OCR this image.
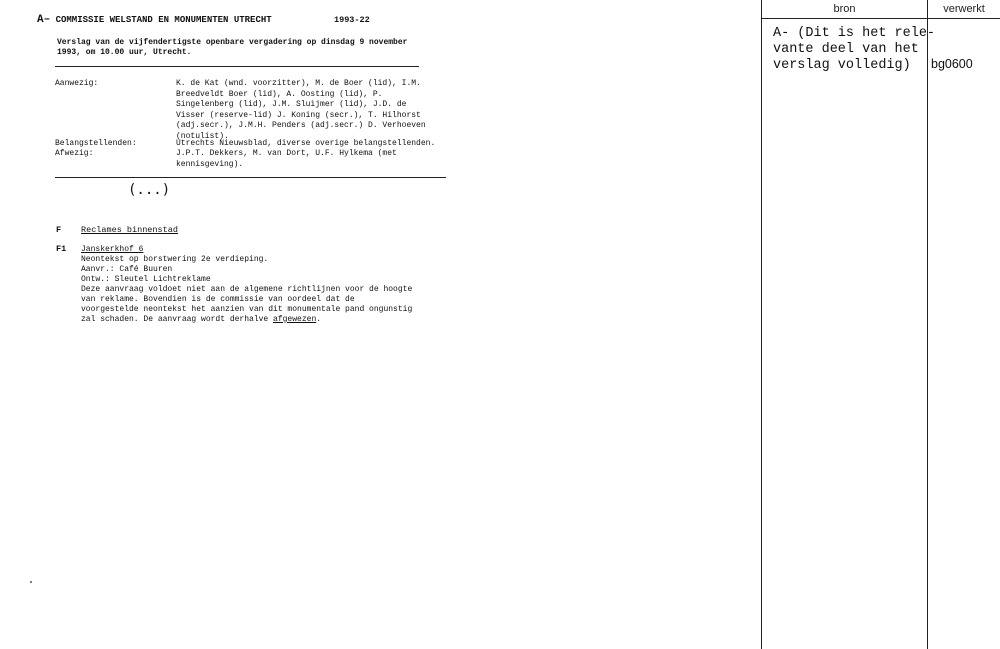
A– COMMISSIE WELSTAND EN MONUMENTEN UTRECHT	1993-22
Verslag van de vijfendertigste openbare vergadering op dinsdag 9 november
1993, om 10.00 uur, Utrecht.
Aanwezig:	K. de Kat (wnd. voorzitter), M. de Boer (lid), I.M.
Breedveldt Boer (lid), A. Oosting (lid), P.
Singelenberg (lid), J.M. Sluijmer (lid), J.D. de
Visser (reserve-lid) J. Koning (secr.), T. Hilhorst
(adj.secr.), J.M.H. Penders (adj.secr.) D. Verhoeven
(notulist).
Belangstellenden:	Utrechts Nieuwsblad, diverse overige belangstellenden.
Afwezig:	J.P.T. Dekkers, M. van Dort, U.F. Hylkema (met
kennisgeving).
(...)
F Reclames binnenstad
F1 Janskerkhof 6
Neontekst op borstwering 2e verdieping.
Aanvr.: Café Buuren
Ontw.: Sleutel Lichtreklame
Deze aanvraag voldoet niet aan de algemene richtlijnen voor de hoogte
van reklame. Bovendien is de commissie van oordeel dat de
voorgestelde neontekst het aanzien van dit monumentale pand ongunstig
zal schaden. De aanvraag wordt derhalve afgewezen.
bron	verwerkt
A- (Dit is het rele-
vante deel van het
verslag volledig)	bg0600
